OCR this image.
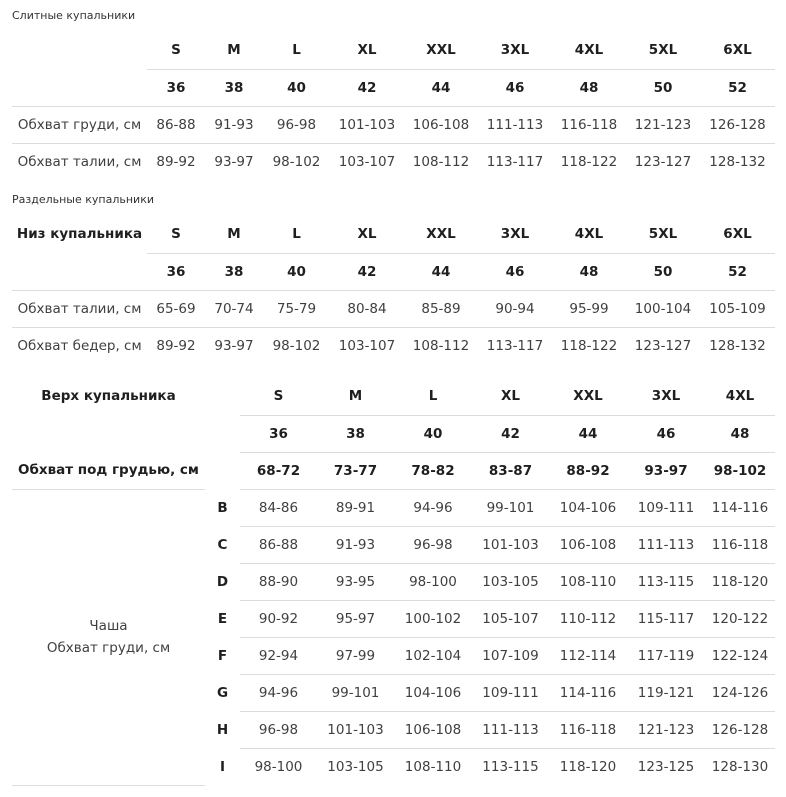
Слитные купальники
	S	M	L	XL	XXL	3XL	4XL	5XL	6XL
	36	38	40	42	44	46	48	50	52
Обхват груди, см	86-88	91-93	96-98	101-103	106-108	111-113	116-118	121-123	126-128
Обхват талии, см	89-92	93-97	98-102	103-107	108-112	113-117	118-122	123-127	128-132
Раздельные купальники
Низ купальника	S	M	L	XL	XXL	3XL	4XL	5XL	6XL
	36	38	40	42	44	46	48	50	52
Обхват талии, см	65-69	70-74	75-79	80-84	85-89	90-94	95-99	100-104	105-109
Обхват бедер, см	89-92	93-97	98-102	103-107	108-112	113-117	118-122	123-127	128-132
Верх купальника		S	M	L	XL	XXL	3XL	4XL
		36	38	40	42	44	46	48
Обхват под грудью, см		68-72	73-77	78-82	83-87	88-92	93-97	98-102

Чаша
Обхват груди, см	B	84-86	89-91	94-96	99-101	104-106	109-111	114-116
	C	86-88	91-93	96-98	101-103	106-108	111-113	116-118
	D	88-90	93-95	98-100	103-105	108-110	113-115	118-120
	E	90-92	95-97	100-102	105-107	110-112	115-117	120-122
	F	92-94	97-99	102-104	107-109	112-114	117-119	122-124
	G	94-96	99-101	104-106	109-111	114-116	119-121	124-126
	H	96-98	101-103	106-108	111-113	116-118	121-123	126-128
	I	98-100	103-105	108-110	113-115	118-120	123-125	128-130
